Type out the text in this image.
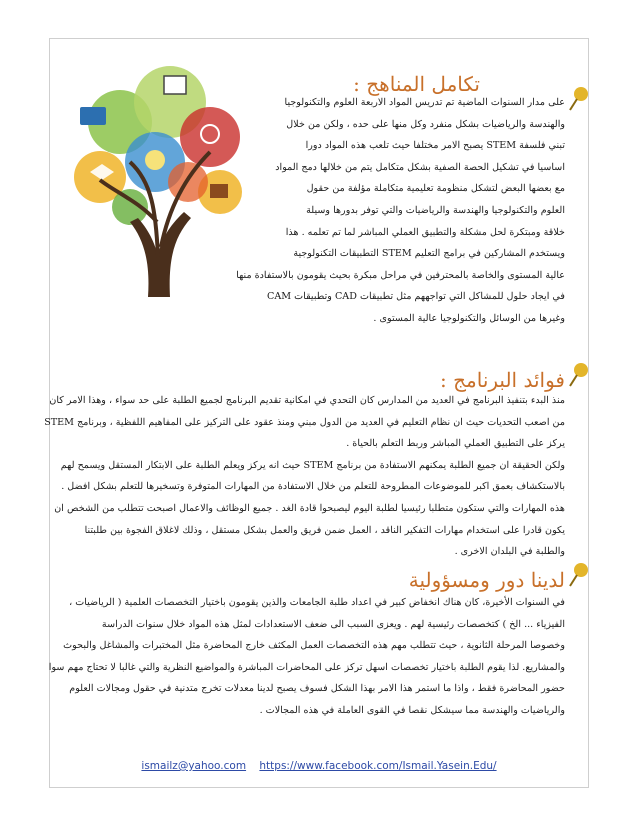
تكامل المناهج :
على مدار السنوات الماضية تم تدريس المواد الاربعة العلوم والتكنولوجيا
والهندسة والرياضيات بشكل منفرد وكل منها على حده ، ولكن من خلال
تبني فلسفة STEM يصبح الامر مختلفا حيث تلعب هذه المواد دورا
اساسيا في تشكيل الحصة الصفية بشكل متكامل يتم من خلالها دمج المواد
مع بعضها البعض لتشكل منظومة تعليمية متكاملة مؤلفة من حقول
العلوم والتكنولوجيا والهندسة والرياضيات والتي توفر بدورها وسيلة
خلاقة ومبتكرة لحل مشكلة والتطبيق العملي المباشر لما تم تعلمه . هذا
ويستخدم المشاركين في برامج التعليم STEM التطبيقات التكنولوجية
عالية المستوى والخاصة بالمحترفين في مراحل مبكرة بحيث يقومون بالاستفادة منها
في ايجاد حلول للمشاكل التي تواجههم مثل تطبيقات CAD وتطبيقات CAM
وغيرها من الوسائل والتكنولوجيا عالية المستوى .
فوائد البرنامج :
منذ البدء بتنفيذ البرنامج في العديد من المدارس كان التحدي في امكانية تقديم البرنامج لجميع الطلبة على حد سواء ، وهذا الامر كان
من اصعب التحديات حيث ان نظام التعليم في العديد من الدول مبني ومنذ عقود على التركيز على المفاهيم اللفظية ، وبرنامج STEM
يركز على التطبيق العملي المباشر وربط التعلم بالحياة .
ولكن الحقيقة ان جميع الطلبة يمكنهم الاستفادة من برنامج STEM حيث انه يركز ويعلم الطلبة على الابتكار المستقل ويسمح لهم
بالاستكشاف بعمق اكبر للموضوعات المطروحة للتعلم من خلال الاستفادة من المهارات المتوفرة وتسخيرها للتعلم بشكل افضل .
هذه المهارات والتي ستكون متطلبا رئيسيا لطلبة اليوم ليصبحوا قادة الغد . جميع الوظائف والاعمال اصبحت تتطلب من الشخص ان
يكون قادرا على استخدام مهارات التفكير الناقد ، العمل ضمن فريق والعمل بشكل مستقل ، وذلك لاغلاق الفجوة بين طلبتنا
والطلبة في البلدان الاخرى .
لدينا دور ومسؤولية
في السنوات الأخيرة، كان هناك انخفاض كبير في اعداد طلبة الجامعات والذين يقومون باختيار التخصصات العلمية ( الرياضيات ،
الفيزياء ... الخ ) كتخصصات رئيسية لهم . ويعزى السبب الى ضعف الاستعدادات لمثل هذه المواد خلال سنوات الدراسة
وخصوصا المرحلة الثانوية ، حيث تتطلب مهم هذه التخصصات العمل المكثف خارج المحاضرة مثل المختبرات والمشاغل والبحوث
والمشاريع. لذا يقوم الطلبة باختيار تخصصات اسهل تركز على المحاضرات المباشرة والمواضيع النظرية والتي غالبا لا تحتاج مهم سوا
حضور المحاضرة فقط ، واذا ما استمر هذا الامر بهذا الشكل فسوف يصبح لدينا معدلات تخرج متدنية في حقول ومجالات العلوم
والرياضيات والهندسة مما سيشكل نقصا في القوى العاملة في هذه المجالات .
ismailz@yahoo.com https://www.facebook.com/Ismail.Yasein.Edu/
